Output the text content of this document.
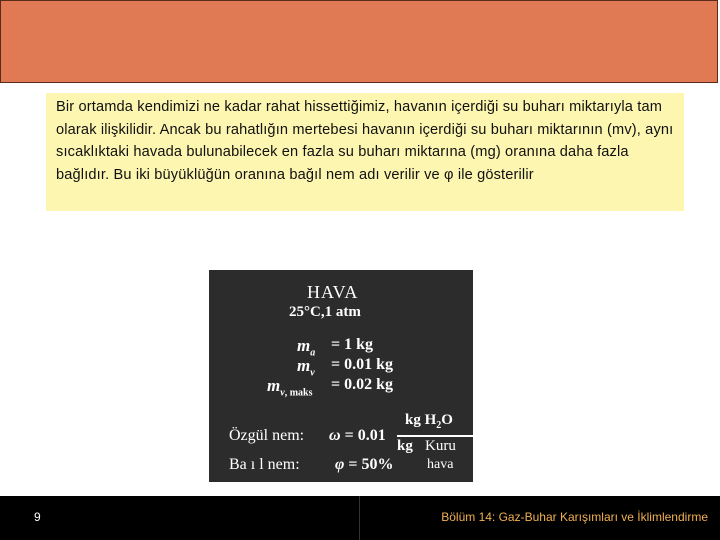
Bir ortamda kendimizi ne kadar rahat hissettiğimiz, havanın içerdiği su buharı miktarıyla tam olarak ilişkilidir. Ancak bu rahatlığın mertebesi havanın içerdiği su buharı miktarının (mv), aynı sıcaklıktaki havada bulunabilecek en fazla su buharı miktarına (mg) oranına daha fazla bağlıdır. Bu iki büyüklüğün oranına bağıl nem adı verilir ve φ ile gösterilir
HAVA
25°C,1 atm
$m_a = 1$ kg
$m_v = 0.01$ kg
$m_{v, maks} = 0.02$ kg
kg $H_2O$
Özgül nem: ω = 0.01
kg Kuru
hava
Ba ı l nem: φ = 50%
9	Bölüm 14: Gaz-Buhar Karışımları ve İklimlendirme
